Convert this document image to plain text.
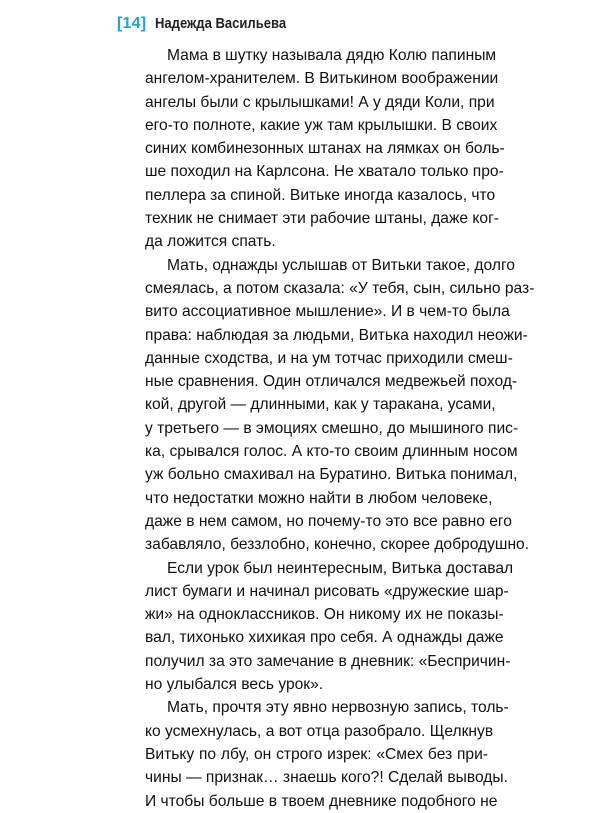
[14] Надежда Васильева
Мама в шутку называла дядю Колю папиным
ангелом-хранителем. В Витькином воображении
ангелы были с крылышками! А у дяди Коли, при
его-то полноте, какие уж там крылышки. В своих
синих комбинезонных штанах на лямках он боль-
ше походил на Карлсона. Не хватало только про-
пеллера за спиной. Витьке иногда казалось, что
техник не снимает эти рабочие штаны, даже ког-
да ложится спать.
Мать, однажды услышав от Витьки такое, долго
смеялась, а потом сказала: «У тебя, сын, сильно раз-
вито ассоциативное мышление». И в чем-то была
права: наблюдая за людьми, Витька находил неожи-
данные сходства, и на ум тотчас приходили смеш-
ные сравнения. Один отличался медвежьей поход-
кой, другой — длинными, как у таракана, усами,
у третьего — в эмоциях смешно, до мышиного пис-
ка, срывался голос. А кто-то своим длинным носом
уж больно смахивал на Буратино. Витька понимал,
что недостатки можно найти в любом человеке,
даже в нем самом, но почему-то это все равно его
забавляло, беззлобно, конечно, скорее добродушно.
Если урок был неинтересным, Витька доставал
лист бумаги и начинал рисовать «дружеские шар-
жи» на одноклассников. Он никому их не показы-
вал, тихонько хихикая про себя. А однажды даже
получил за это замечание в дневник: «Беспричин-
но улыбался весь урок».
Мать, прочтя эту явно нервозную запись, толь-
ко усмехнулась, а вот отца разобрало. Щелкнув
Витьку по лбу, он строго изрек: «Смех без при-
чины — признак… знаешь кого?! Сделай выводы.
И чтобы больше в твоем дневнике подобного не
